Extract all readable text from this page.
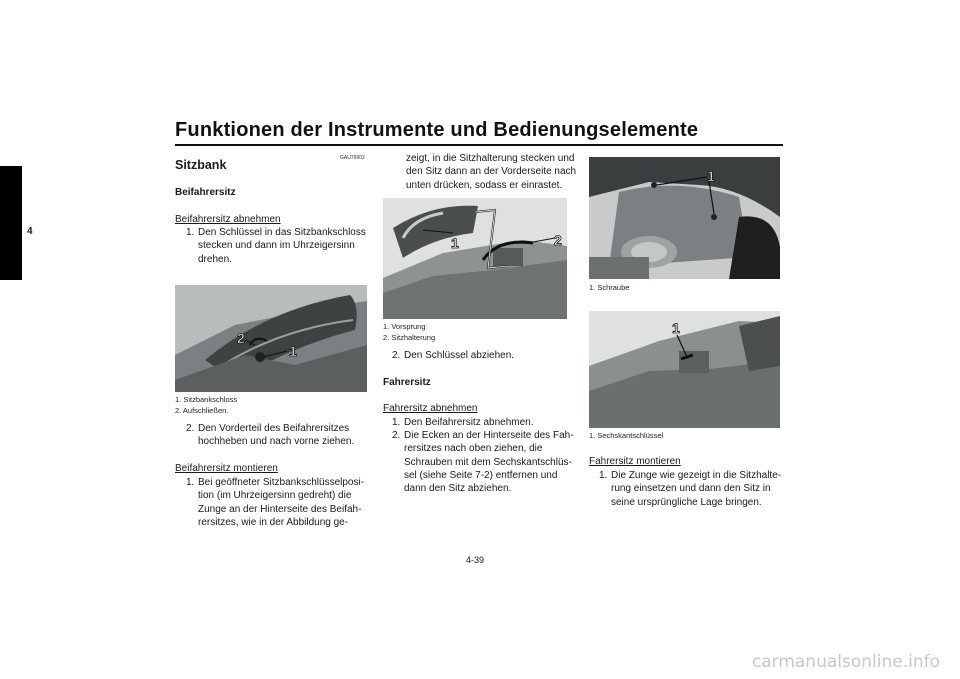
Funktionen der Instrumente und Bedienungselemente
4
GAU79902
Sitzbank
Beifahrersitz
Beifahrersitz abnehmen
1. Den Schlüssel in das Sitzbankschloss
stecken und dann im Uhrzeigersinn
drehen.
1
2
1. Sitzbankschloss
2. Aufschließen.
2. Den Vorderteil des Beifahrersitzes
hochheben und nach vorne ziehen.
Beifahrersitz montieren
1. Bei geöffneter Sitzbankschlüsselposi-
tion (im Uhrzeigersinn gedreht) die
Zunge an der Hinterseite des Beifah-
rersitzes, wie in der Abbildung ge-
zeigt, in die Sitzhalterung stecken und
den Sitz dann an der Vorderseite nach
unten drücken, sodass er einrastet.
1	2
1. Vorsprung
2. Sitzhalterung
2. Den Schlüssel abziehen.
Fahrersitz
Fahrersitz abnehmen
1. Den Beifahrersitz abnehmen.
2. Die Ecken an der Hinterseite des Fah-
rersitzes nach oben ziehen, die
Schrauben mit dem Sechskantschlüs-
sel (siehe Seite 7-2) entfernen und
dann den Sitz abziehen.
1
1. Schraube
1
1. Sechskantschlüssel
Fahrersitz montieren
1. Die Zunge wie gezeigt in die Sitzhalte-
rung einsetzen und dann den Sitz in
seine ursprüngliche Lage bringen.
4-39
carmanualsonline.info
